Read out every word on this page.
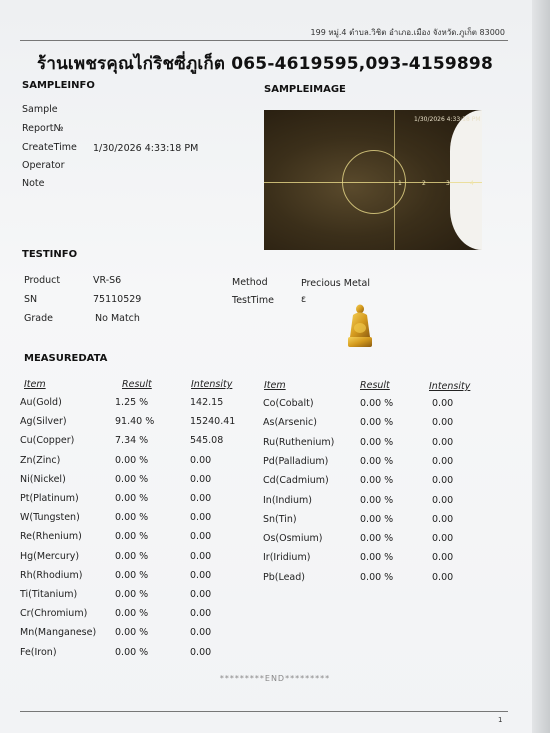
199 หมู่.4 ตำบล.วิชิต อำเภอ.เมือง จังหวัด.ภูเก็ต 83000
ร้านเพชรคุณไก่ริชซี่ภูเก็ต 065-4619595,093-4159898
SAMPLEINFO
Sample
Report№
CreateTime 1/30/2026 4:33:18 PM
Operator
Note
SAMPLEIMAGE
1/30/2026 4:33:18 PM
1	2	3	4
TESTINFO
Product	VR-S6
SN	75110529
Grade	No Match
Method	Precious Metal
TestTime	ε
MEASUREDATA
Item	Result	Intensity	Item	Result	Intensity
Au(Gold)	1.25 %	142.15
Ag(Silver)	91.40 %	15240.41
Cu(Copper)	7.34 %	545.08
Zn(Zinc)	0.00 %	0.00
Ni(Nickel)	0.00 %	0.00
Pt(Platinum)	0.00 %	0.00
W(Tungsten)	0.00 %	0.00
Re(Rhenium)	0.00 %	0.00
Hg(Mercury)	0.00 %	0.00
Rh(Rhodium)	0.00 %	0.00
Ti(Titanium)	0.00 %	0.00
Cr(Chromium)	0.00 %	0.00
Mn(Manganese) 0.00 %	0.00
Fe(Iron)	0.00 %	0.00
Co(Cobalt)	0.00 %	0.00
As(Arsenic)	0.00 %	0.00
Ru(Ruthenium)	0.00 %	0.00
Pd(Palladium)	0.00 %	0.00
Cd(Cadmium)	0.00 %	0.00
In(Indium)	0.00 %	0.00
Sn(Tin)	0.00 %	0.00
Os(Osmium)	0.00 %	0.00
Ir(Iridium)	0.00 %	0.00
Pb(Lead)	0.00 %	0.00
*********END*********
1
